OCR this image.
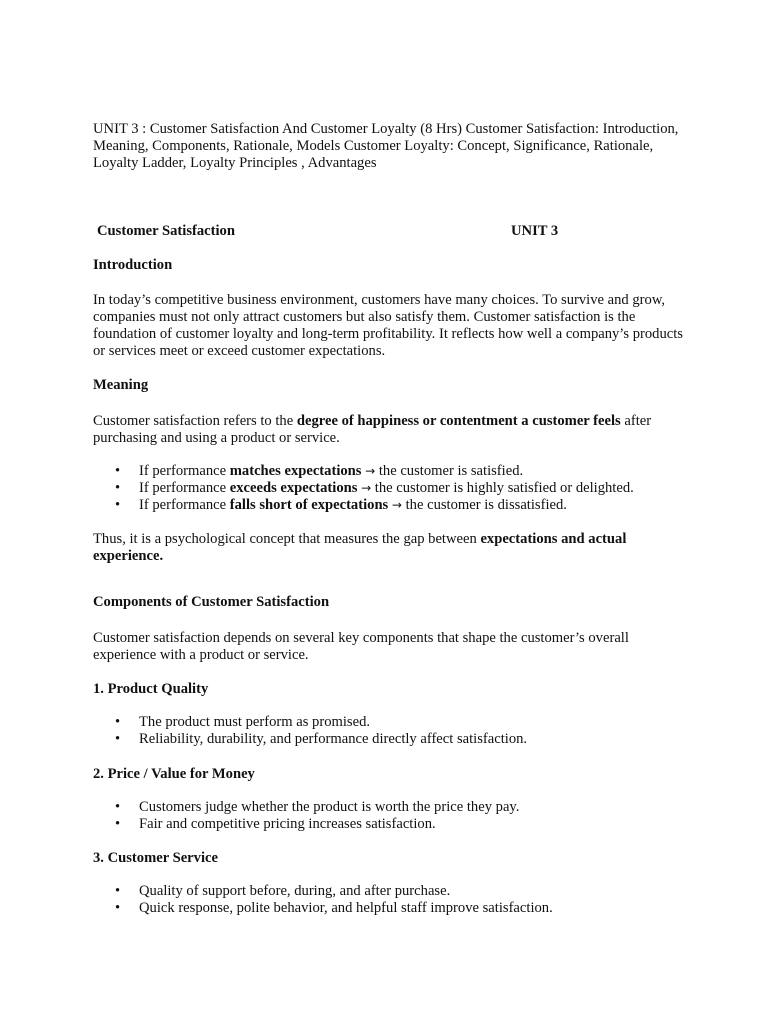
UNIT 3 : Customer Satisfaction And Customer Loyalty (8 Hrs) Customer Satisfaction: Introduction, Meaning, Components, Rationale, Models Customer Loyalty: Concept, Significance, Rationale, Loyalty Ladder, Loyalty Principles , Advantages

Customer Satisfaction	UNIT 3

Introduction

In today’s competitive business environment, customers have many choices. To survive and grow, companies must not only attract customers but also satisfy them. Customer satisfaction is the foundation of customer loyalty and long-term profitability. It reflects how well a company’s products or services meet or exceed customer expectations.

Meaning

Customer satisfaction refers to the degree of happiness or contentment a customer feels after purchasing and using a product or service.

• If performance matches expectations → the customer is satisfied.
• If performance exceeds expectations → the customer is highly satisfied or delighted.
• If performance falls short of expectations → the customer is dissatisfied.

Thus, it is a psychological concept that measures the gap between expectations and actual experience.

Components of Customer Satisfaction

Customer satisfaction depends on several key components that shape the customer’s overall experience with a product or service.

1. Product Quality

• The product must perform as promised.
• Reliability, durability, and performance directly affect satisfaction.

2. Price / Value for Money

• Customers judge whether the product is worth the price they pay.
• Fair and competitive pricing increases satisfaction.

3. Customer Service

• Quality of support before, during, and after purchase.
• Quick response, polite behavior, and helpful staff improve satisfaction.
